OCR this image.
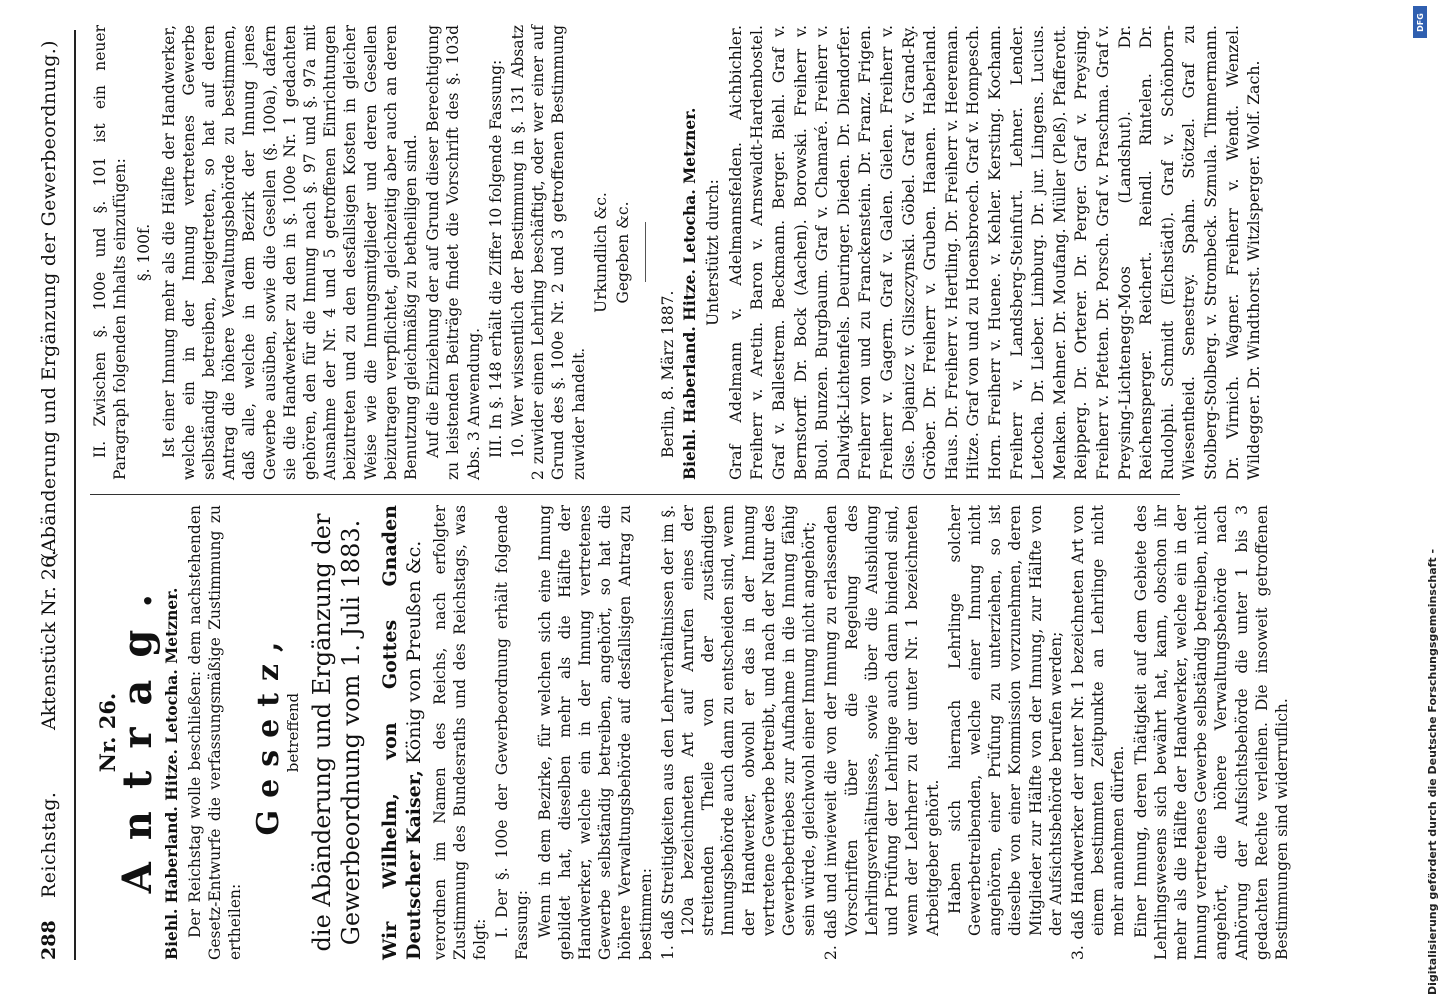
288
Reichstag.
Aktenstück Nr. 26.
(Abänderung und Ergänzung der Gewerbeordnung.)

Nr. 26.

Antrag. Biehl. Haberland. Hitze. Letocha. Metzner. Der Reichstag wolle beschließen: dem nachstehenden Gesetz-Entwurfe die verfassungsmäßige Zustimmung zu ertheilen:

Gesetz,

betreffend die Abänderung und Ergänzung der Gewerbeordnung vom 1. Juli 1883. Wir Wilhelm, von Gottes Gnaden Deutscher Kaiser, König von Preußen &c. verordnen im Namen des Reichs, nach erfolgter Zustimmung des Bundesraths und des Reichstags, was folgt:

I. Der §. 100e der Gewerbeordnung erhält folgende Fassung: Wenn in dem Bezirke, für welchen sich eine Innung gebildet hat, dieselben mehr als die Hälfte der Handwerker, welche ein in der Innung vertretenes Gewerbe selbständig betreiben, angehört, so hat die höhere Verwaltungsbehörde auf desfallsigen Antrag zu bestimmen: 1. daß Streitigkeiten aus den Lehrverhältnissen der im §. 120a bezeichneten Art auf Anrufen eines der streitenden Theile von der zuständigen Innungsbehörde auch dann zu entscheiden sind, wenn der Handwerker, obwohl er das in der Innung vertretene Gewerbe betreibt, und nach der Natur des Gewerbebetriebes zur Aufnahme in die Innung fähig sein würde, gleichwohl einer Innung nicht angehört; 2. daß und inwieweit die von der Innung zu erlassenden Vorschriften über die Regelung des Lehrlingsverhältnisses, sowie über die Ausbildung und Prüfung der Lehrlinge auch dann bindend sind, wenn der Lehrherr zu der unter Nr. 1 bezeichneten Arbeitgeber gehört. Haben sich hiernach Lehrlinge solcher Gewerbetreibenden, welche einer Innung nicht angehören, einer Prüfung zu unterziehen, so ist dieselbe von einer Kommission vorzunehmen, deren Mitglieder zur Hälfte von der Innung, zur Hälfte von der Aufsichtsbehörde berufen werden; 3. daß Handwerker der unter Nr. 1 bezeichneten Art von einem bestimmten Zeitpunkte an Lehrlinge nicht mehr annehmen dürfen. Einer Innung, deren Thätigkeit auf dem Gebiete des Lehrlingswesens sich bewährt hat, kann, obschon ihr mehr als die Hälfte der Handwerker, welche ein in der Innung vertretenes Gewerbe selbständig betreiben, nicht angehört, die höhere Verwaltungsbehörde nach Anhörung der Aufsichtsbehörde die unter 1 bis 3 gedachten Rechte verleihen. Die insoweit getroffenen Bestimmungen sind widerruflich.

II. Zwischen §. 100e und §. 101 ist ein neuer Paragraph folgenden Inhalts einzufügen: §. 100f. Ist einer Innung mehr als die Hälfte der Handwerker, welche ein in der Innung vertretenes Gewerbe selbständig betreiben, beigetreten, so hat auf deren Antrag die höhere Verwaltungsbehörde zu bestimmen, daß alle, welche in dem Bezirk der Innung jenes Gewerbe ausüben, sowie die Gesellen (§. 100a), dafern sie die Handwerker zu den in §. 100e Nr. 1 gedachten gehören, den für die Innung nach §. 97 und §. 97a mit Ausnahme der Nr. 4 und 5 getroffenen Einrichtungen beizutreten und zu den desfallsigen Kosten in gleicher Weise wie die Innungsmitglieder und deren Gesellen beizutragen verpflichtet, gleichzeitig aber auch an deren Benutzung gleichmäßig zu betheiligen sind. Auf die Einziehung der auf Grund dieser Berechtigung zu leistenden Beiträge findet die Vorschrift des §. 103d Abs. 3 Anwendung. III. In §. 148 erhält die Ziffer 10 folgende Fassung: 10. Wer wissentlich der Bestimmung in §. 131 Absatz 2 zuwider einen Lehrling beschäftigt, oder wer einer auf Grund des §. 100e Nr. 2 und 3 getroffenen Bestimmung zuwider handelt.

Urkundlich &c. Gegeben &c.

Berlin, 8. März 1887. Biehl. Haberland. Hitze. Letocha. Metzner. Unterstützt durch: Graf Adelmann v. Adelmannsfelden. Aichbichler. Freiherr v. Aretin. Baron v. Arnswaldt-Hardenbostel. Graf v. Ballestrem. Beckmann. Berger. Biehl. Graf v. Bernstorff. Dr. Bock (Aachen). Borowski. Freiherr v. Buol. Bunzen. Burgbaum. Graf v. Chamaré. Freiherr v. Dalwigk-Lichtenfels. Deuringer. Dieden. Dr. Diendorfer. Freiherr von und zu Franckenstein. Dr. Franz. Frigen. Freiherr v. Gagern. Graf v. Galen. Gielen. Freiherr v. Gise. Dejanicz v. Gliszczynski. Göbel. Graf v. Grand-Ry. Gröber. Dr. Freiherr v. Gruben. Haanen. Haberland. Haus. Dr. Freiherr v. Hertling. Dr. Freiherr v. Heereman. Hitze. Graf von und zu Hoensbroech. Graf v. Hompesch. Horn. Freiherr v. Huene. v. Kehler. Kersting. Kochann. Freiherr v. Landsberg-Steinfurt. Lehner. Lender. Letocha. Dr. Lieber. Limburg. Dr. jur. Lingens. Lucius. Menken. Mehner. Dr. Moufang. Müller (Pleß). Pfafferott. Reipperg. Dr. Orterer. Dr. Perger. Graf v. Preysing. Freiherr v. Pfetten. Dr. Porsch. Graf v. Praschma. Graf v. Preysing-Lichtenegg-Moos (Landshut). Dr. Reichensperger. Reichert. Reindl. Rintelen. Dr. Rudolphi. Schmidt (Eichstädt). Graf v. Schönborn-Wiesentheid. Senestrey. Spahn. Stötzel. Graf zu Stolberg-Stolberg. v. Strombeck. Szmula. Timmermann. Dr. Virnich. Wagner. Freiherr v. Wendt. Wenzel. Wildegger. Dr. Windthorst. Witzlsperger. Wolf. Zach.

DFG
Digitalisierung gefördert durch die Deutsche Forschungsgemeinschaft -
